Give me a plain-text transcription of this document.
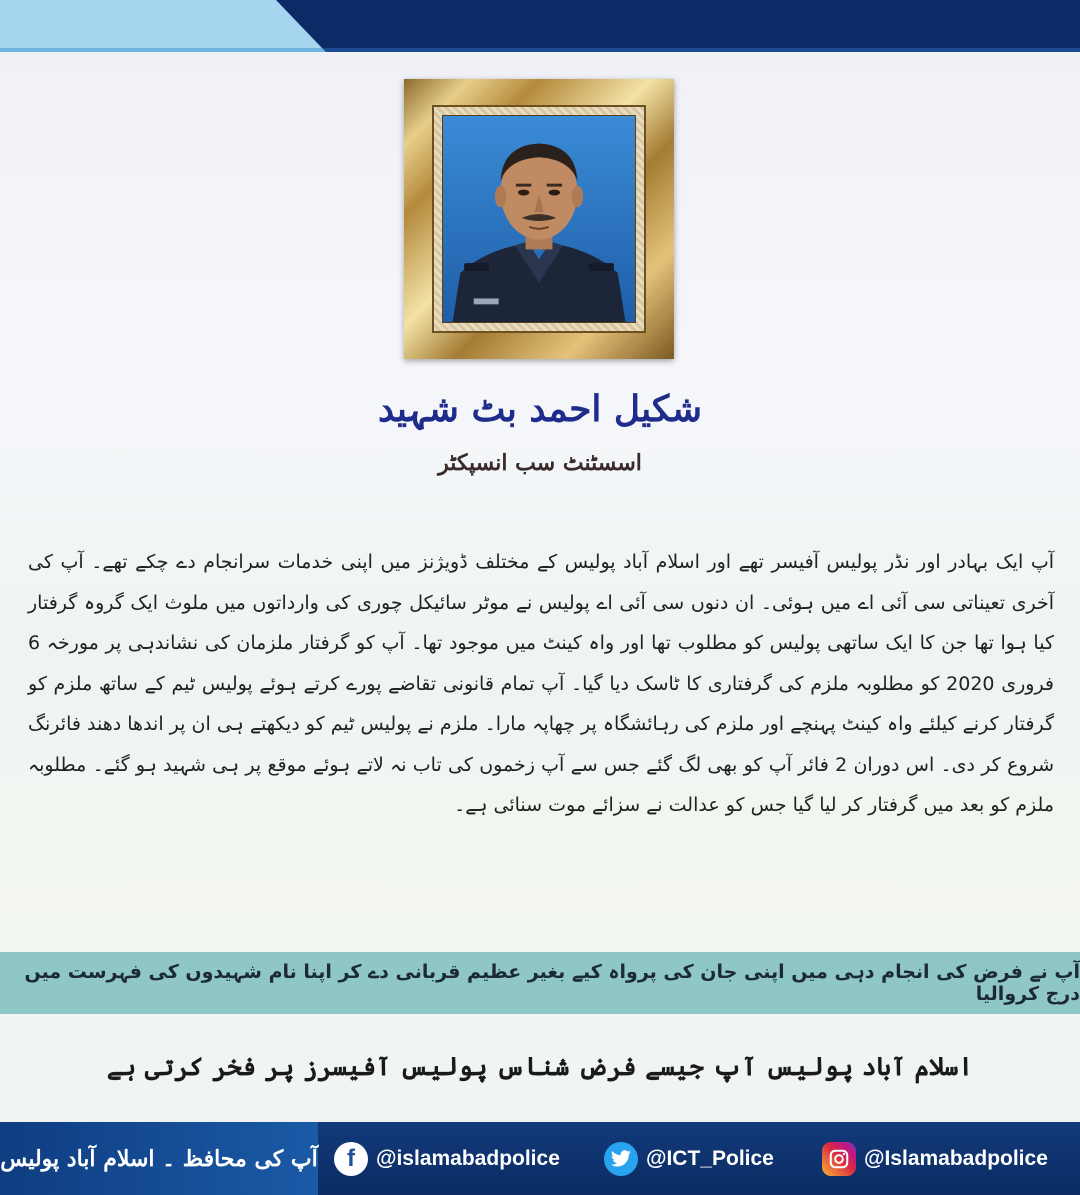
شکیل احمد بٹ شہید
اسسٹنٹ سب انسپکٹر
آپ ایک بہادر اور نڈر پولیس آفیسر تھے اور اسلام آباد پولیس کے مختلف ڈویژنز میں اپنی خدمات سرانجام دے چکے تھے۔ آپ کی آخری تعیناتی سی آئی اے میں ہوئی۔ ان دنوں سی آئی اے پولیس نے موٹر سائیکل چوری کی وارداتوں میں ملوث ایک گروہ گرفتار کیا ہوا تھا جن کا ایک ساتھی پولیس کو مطلوب تھا اور واہ کینٹ میں موجود تھا۔ آپ کو گرفتار ملزمان کی نشاندہی پر مورخہ 6 فروری 2020 کو مطلوبہ ملزم کی گرفتاری کا ٹاسک دیا گیا۔ آپ تمام قانونی تقاضے پورے کرتے ہوئے پولیس ٹیم کے ساتھ ملزم کو گرفتار کرنے کیلئے واہ کینٹ پہنچے اور ملزم کی رہائشگاہ پر چھاپہ مارا۔ ملزم نے پولیس ٹیم کو دیکھتے ہی ان پر اندھا دھند فائرنگ شروع کر دی۔ اس دوران 2 فائر آپ کو بھی لگ گئے جس سے آپ زخموں کی تاب نہ لاتے ہوئے موقع پر ہی شہید ہو گئے۔ مطلوبہ ملزم کو بعد میں گرفتار کر لیا گیا جس کو عدالت نے سزائے موت سنائی ہے۔
آپ نے فرض کی انجام دہی میں اپنی جان کی پرواہ کیے بغیر عظیم قربانی دے کر اپنا نام شہیدوں کی فہرست میں درج کروالیا
اسلام آباد پولیس آپ جیسے فرض شناس پولیس آفیسرز پر فخر کرتی ہے
آپ کی محافظ ۔ اسلام آباد پولیس	f	@islamabadpolice	@ICT_Police	@Islamabadpolice
